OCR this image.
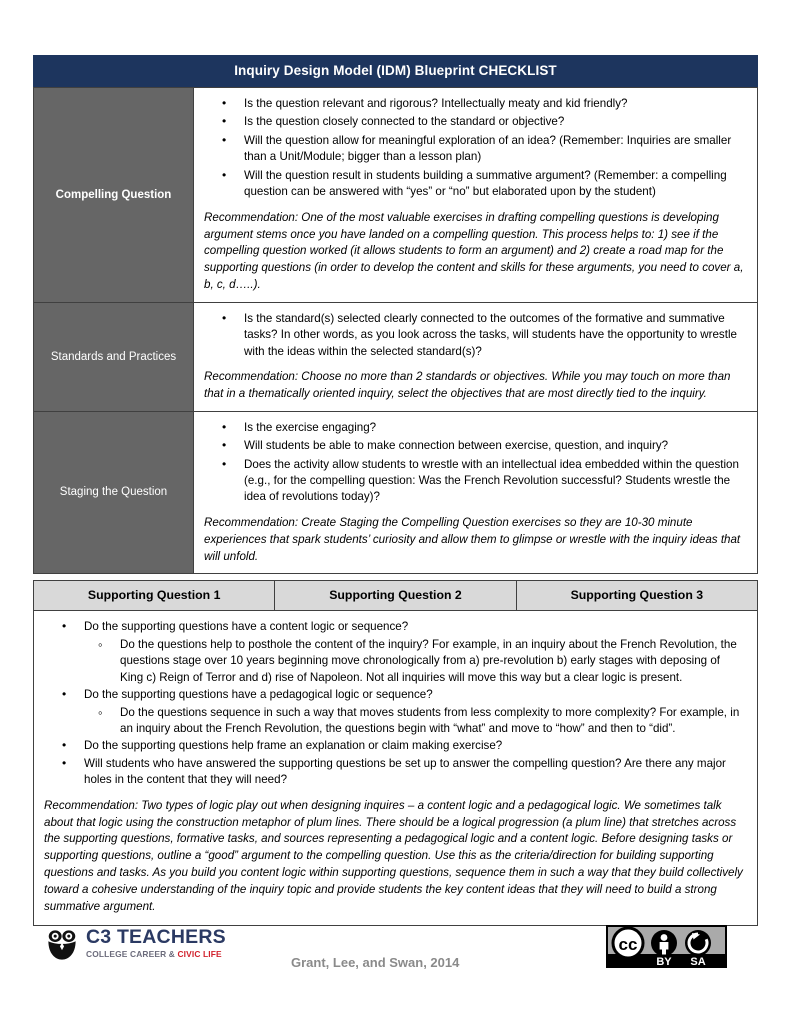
Inquiry Design Model (IDM) Blueprint CHECKLIST
Compelling Question	
• Is the question relevant and rigorous? Intellectually meaty and kid friendly?
• Is the question closely connected to the standard or objective?
• Will the question allow for meaningful exploration of an idea? (Remember: Inquiries are smaller than a Unit/Module; bigger than a lesson plan)
• Will the question result in students building a summative argument? (Remember: a compelling question can be answered with “yes” or “no” but elaborated upon by the student)

Recommendation: One of the most valuable exercises in drafting compelling questions is developing argument stems once you have landed on a compelling question. This process helps to: 1) see if the compelling question worked (it allows students to form an argument) and 2) create a road map for the supporting questions (in order to develop the content and skills for these arguments, you need to cover a, b, c, d…..).

Standards and Practices	
• Is the standard(s) selected clearly connected to the outcomes of the formative and summative tasks? In other words, as you look across the tasks, will students have the opportunity to wrestle with the ideas within the selected standard(s)?

Recommendation: Choose no more than 2 standards or objectives. While you may touch on more than that in a thematically oriented inquiry, select the objectives that are most directly tied to the inquiry.

Staging the Question	
• Is the exercise engaging?
• Will students be able to make connection between exercise, question, and inquiry?
• Does the activity allow students to wrestle with an intellectual idea embedded within the question (e.g., for the compelling question: Was the French Revolution successful? Students wrestle the idea of revolutions today)?

Recommendation: Create Staging the Compelling Question exercises so they are 10-30 minute experiences that spark students’ curiosity and allow them to glimpse or wrestle with the inquiry ideas that will unfold.

Supporting Question 1	Supporting Question 2	Supporting Question 3
• Do the supporting questions have a content logic or sequence?
◦ Do the questions help to posthole the content of the inquiry? For example, in an inquiry about the French Revolution, the questions stage over 10 years beginning move chronologically from a) pre-revolution b) early stages with deposing of King c) Reign of Terror and d) rise of Napoleon. Not all inquiries will move this way but a clear logic is present.
• Do the supporting questions have a pedagogical logic or sequence?
◦ Do the questions sequence in such a way that moves students from less complexity to more complexity? For example, in an inquiry about the French Revolution, the questions begin with “what” and move to “how” and then to “did”.
• Do the supporting questions help frame an explanation or claim making exercise?
• Will students who have answered the supporting questions be set up to answer the compelling question? Are there any major holes in the content that they will need?

Recommendation: Two types of logic play out when designing inquires – a content logic and a pedagogical logic. We sometimes talk about that logic using the construction metaphor of plum lines. There should be a logical progression (a plum line) that stretches across the supporting questions, formative tasks, and sources representing a pedagogical logic and a content logic. Before designing tasks or supporting questions, outline a “good” argument to the compelling question. Use this as the criteria/direction for building supporting questions and tasks. As you build you content logic within supporting questions, sequence them in such a way that they build collectively toward a cohesive understanding of the inquiry topic and provide students the key content ideas that they will need to build a strong summative argument.

C3 TEACHERS
COLLEGE CAREER & CIVIC LIFE
Grant, Lee, and Swan, 2014
cc
BY SA
